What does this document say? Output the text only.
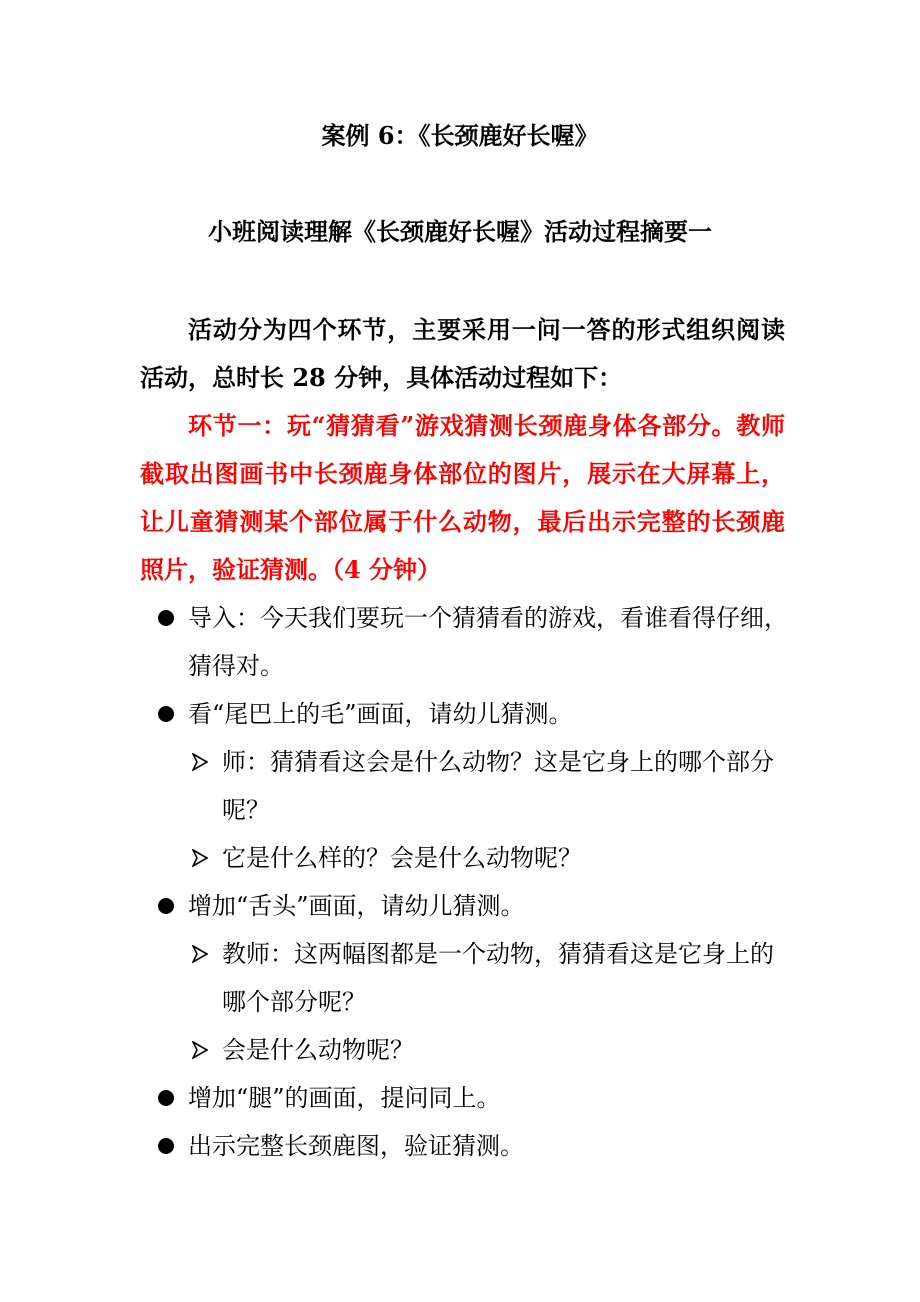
案例 6：《长颈鹿好长喔》
小班阅读理解《长颈鹿好长喔》活动过程摘要一
活动分为四个环节，主要采用一问一答的形式组织阅读活动，总时长 28 分钟，具体活动过程如下：
环节一：玩“猜猜看”游戏猜测长颈鹿身体各部分。教师截取出图画书中长颈鹿身体部位的图片，展示在大屏幕上，让儿童猜测某个部位属于什么动物，最后出示完整的长颈鹿照片，验证猜测。（4 分钟）
导入：今天我们要玩一个猜猜看的游戏，看谁看得仔细，猜得对。
看“尾巴上的毛”画面，请幼儿猜测。
师：猜猜看这会是什么动物？这是它身上的哪个部分呢？
它是什么样的？会是什么动物呢？
增加“舌头”画面，请幼儿猜测。
教师：这两幅图都是一个动物，猜猜看这是它身上的哪个部分呢？
会是什么动物呢？
增加“腿”的画面，提问同上。
出示完整长颈鹿图，验证猜测。
